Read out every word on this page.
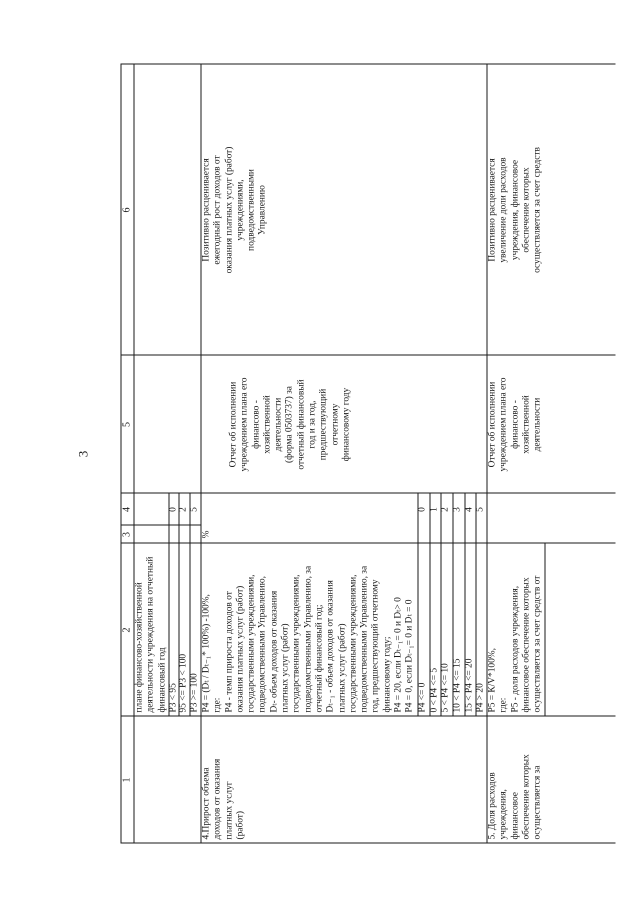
3
1
2
3
4
5
6
плане финансово-хозяйственной деятельности учреждения на отчетный финансовый год Р3 < 95
0
95 <= Р3 < 100
2
Р3 >= 100
5
4.Прирост объема доходов от оказания платных услуг (работ)
Р4 = (Dₜ / Dₜ₋₁* 100%) -100%, где: Р4 - темп прироста доходов от оказания платных услуг (работ) государственными учреждениями, подведомственными Управлению, Dₜ- объем доходов от оказания платных услуг (работ) государственными учреждениями, подведомственными Управлению, за отчетный финансовый год; Dₜ₋₁ - объем доходов от оказания платных услуг (работ) государственными учреждениями, подведомственными Управлению, за год, предшествующий отчетному финансовому году; Р4 = 20, если Dₜ₋₁= 0 и Dₜ> 0 Р4 = 0, если Dₜ₋₁= 0 и Dₜ = 0
%
Р4 <= 0
0
0 < Р4 <= 5
1
5 < Р4 <= 10
2
10 < Р4 <= 15
3
15 < Р4 <= 20
4
Р4 > 20
5
Отчет об исполнении учреждением плана его финансово - хозяйственной деятельности (форма 0503737) за отчетный финансовый год и за год, предшествующий отчетному финансовому году
Позитивно расценивается ежегодный рост доходов от оказания платных услуг (работ) учреждениями, подведомственными Управлению
5. Доля расходов учреждения, финансовое обеспечение которых осуществляется за
Р5 = К/V*100%, где: Р5 - доля расходов учреждения, финансовое обеспечение которых осуществляется за счет средств от
Отчет об исполнении учреждением плана его финансово - хозяйственной деятельности
Позитивно расценивается увеличение доли расходов учреждения, финансовое обеспечение которых осуществляется за счет средств
